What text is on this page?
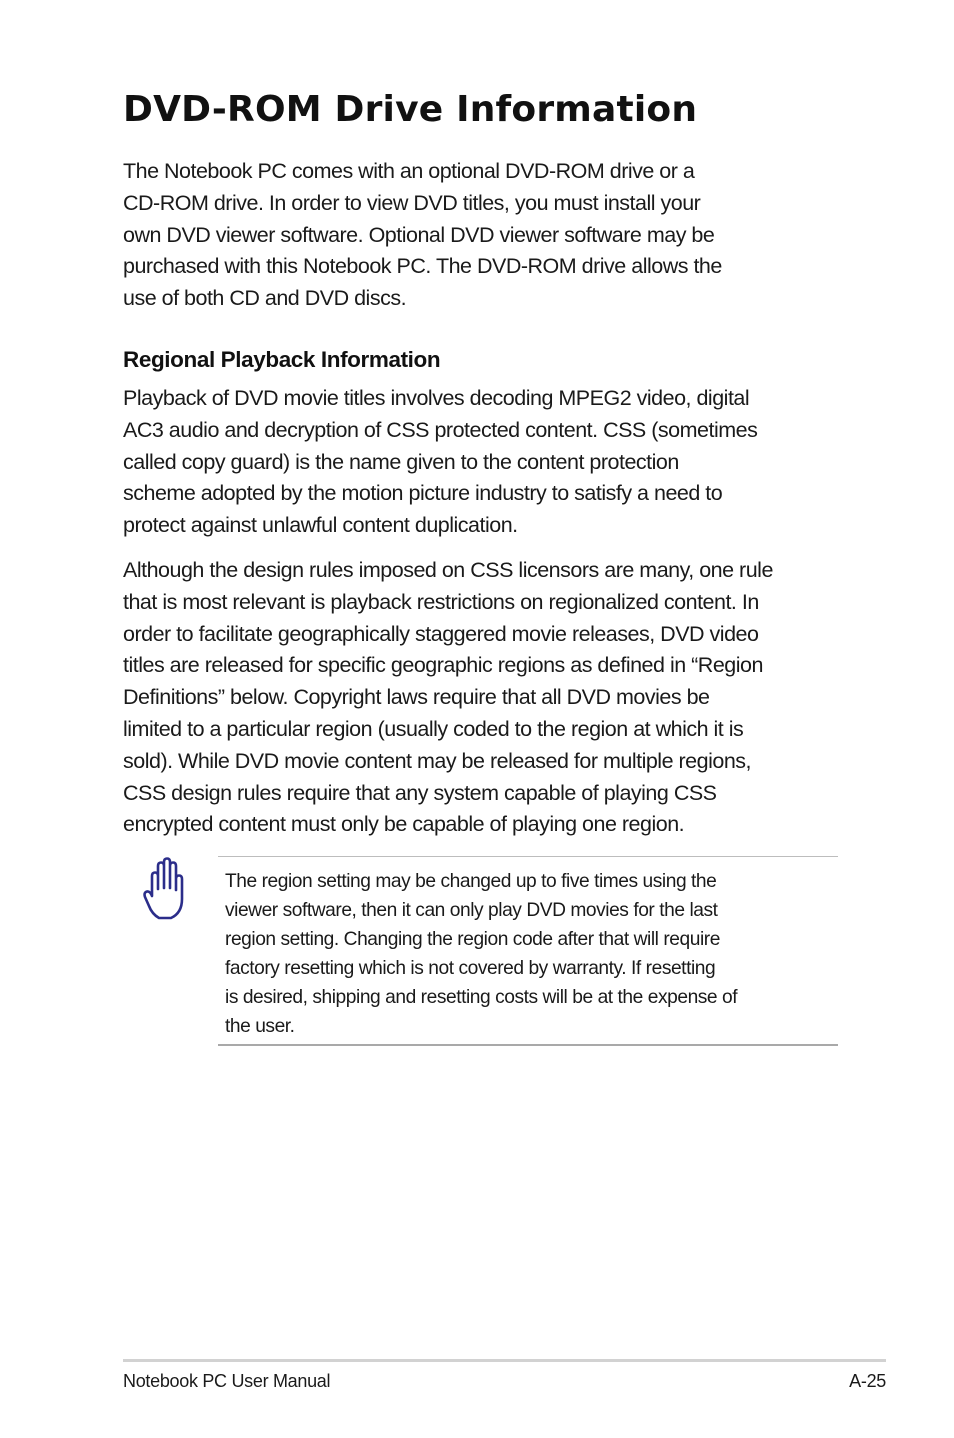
DVD-ROM Drive Information

The Notebook PC comes with an optional DVD-ROM drive or a
CD-ROM drive. In order to view DVD titles, you must install your
own DVD viewer software. Optional DVD viewer software may be
purchased with this Notebook PC. The DVD-ROM drive allows the
use of both CD and DVD discs.

Regional Playback Information

Playback of DVD movie titles involves decoding MPEG2 video, digital
AC3 audio and decryption of CSS protected content. CSS (sometimes
called copy guard) is the name given to the content protection
scheme adopted by the motion picture industry to satisfy a need to
protect against unlawful content duplication.

Although the design rules imposed on CSS licensors are many, one rule
that is most relevant is playback restrictions on regionalized content. In
order to facilitate geographically staggered movie releases, DVD video
titles are released for specific geographic regions as defined in “Region
Definitions” below. Copyright laws require that all DVD movies be
limited to a particular region (usually coded to the region at which it is
sold). While DVD movie content may be released for multiple regions,
CSS design rules require that any system capable of playing CSS
encrypted content must only be capable of playing one region.

The region setting may be changed up to five times using the
viewer software, then it can only play DVD movies for the last
region setting. Changing the region code after that will require
factory resetting which is not covered by warranty. If resetting
is desired, shipping and resetting costs will be at the expense of
the user.

Notebook PC User Manual	A-25
